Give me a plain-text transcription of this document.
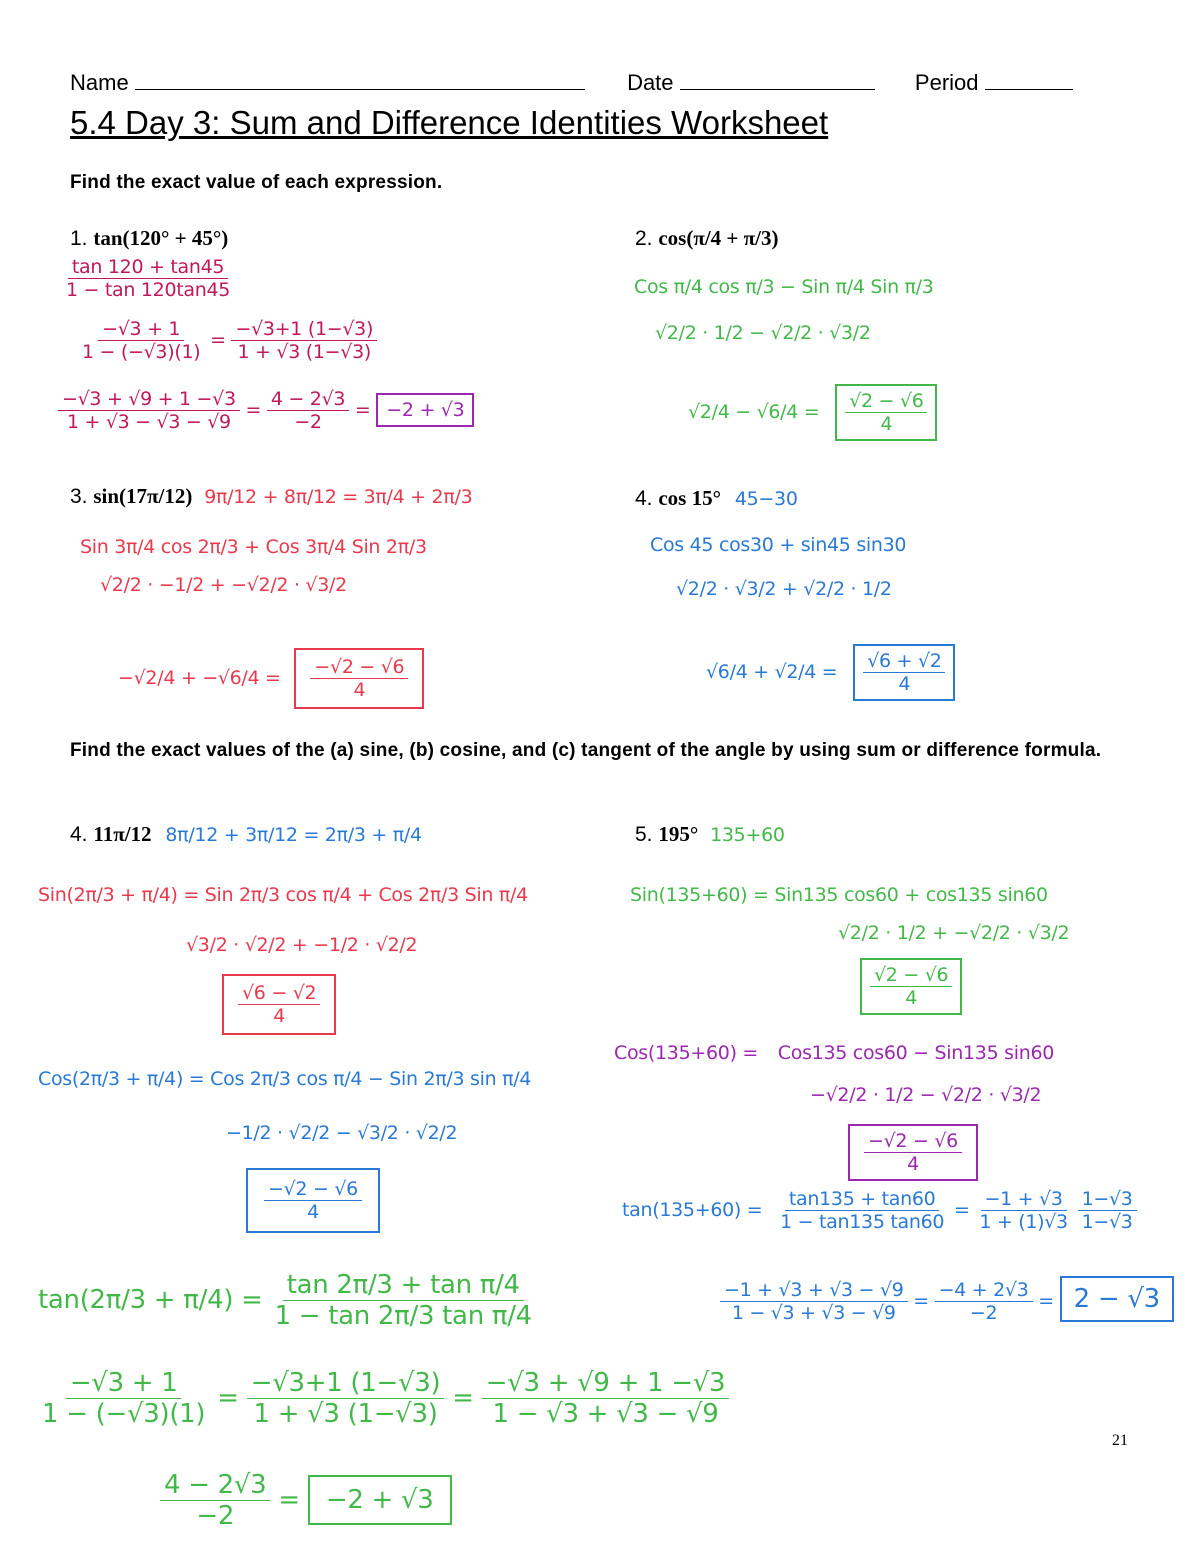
Name	Date	Period
5.4 Day 3: Sum and Difference Identities Worksheet
Find the exact value of each expression.
1. tan(120° + 45°)
$\frac{\tan 120 + \tan 45}{1 - \tan 120\tan 45}$
$\frac{-√3 + 1}{1 - (-√3)(1)} = \frac{-√3+1 (1-√3)}{1 + √3 (1-√3)}$
$\frac{-√3 + √9 + 1 -√3}{1 + √3 - √3 - √9} = \frac{4 - 2√3}{-2} = -2 + √3$
2. cos(π/4 + π/3)
Cos π/4 cos π/3 − Sin π/4 Sin π/3
√2/2 · 1/2 − √2/2 · √3/2
$√2/4 - √6/4 = \frac{√2 - √6}{4}$
3. sin(17π/12) 9π/12 + 8π/12 = 3π/4 + 2π/3
Sin 3π/4 cos 2π/3 + Cos 3π/4 Sin 2π/3
√2/2 · −1/2 + −√2/2 · √3/2
$-√2/4 + -√6/4 = \frac{-√2 - √6}{4}$
4. cos 15° 45−30
Cos 45 cos30 + sin45 sin30
√2/2 · √3/2 + √2/2 · 1/2
$√6/4 + √2/4 = \frac{√6 + √2}{4}$
Find the exact values of the (a) sine, (b) cosine, and (c) tangent of the angle by using sum or difference formula.
4. 11π/12 8π/12 + 3π/12 = 2π/3 + π/4
Sin(2π/3 + π/4) = Sin 2π/3 cos π/4 + Cos 2π/3 Sin π/4
√3/2 · √2/2 + −1/2 · √2/2
$\frac{√6 - √2}{4}$
Cos(2π/3 + π/4) = Cos 2π/3 cos π/4 − Sin 2π/3 sin π/4
−1/2 · √2/2 − √3/2 · √2/2
$\frac{-√2 - √6}{4}$
$\tan(2\pi/3 + \pi/4) = \frac{\text{tan 2π/3 + tan π/4}}{\text{1 − tan 2π/3 tan π/4}}$
$\frac{-√3 + 1}{1 - (-√3)(1)} = \frac{-√3+1 (1-√3)}{1 + √3 (1-√3)} = \frac{-√3 + √9 + 1 -√3}{1 - √3 + √3 - √9}$
$\frac{4 - 2√3}{-2} = -2 + √3$
5. 195° 135+60
Sin(135+60) = Sin135 cos60 + cos135 sin60
√2/2 · 1/2 + −√2/2 · √3/2
$\frac{√2 - √6}{4}$
Cos(135+60) = Cos135 cos60 − Sin135 sin60
−√2/2 · 1/2 − √2/2 · √3/2
$\frac{-√2 - √6}{4}$
$\tan(135+60) = \frac{\tan 135 + \tan 60}{1 - \tan 135 \tan 60} = \frac{-1 + √3}{1 + (1)√3}$
$\frac{1-√3}{1-√3}$
$\frac{-1 + √3 + √3 - √9}{1 - √3 + √3 - √9} = \frac{-4 + 2√3}{-2} = 2 - √3$
21
